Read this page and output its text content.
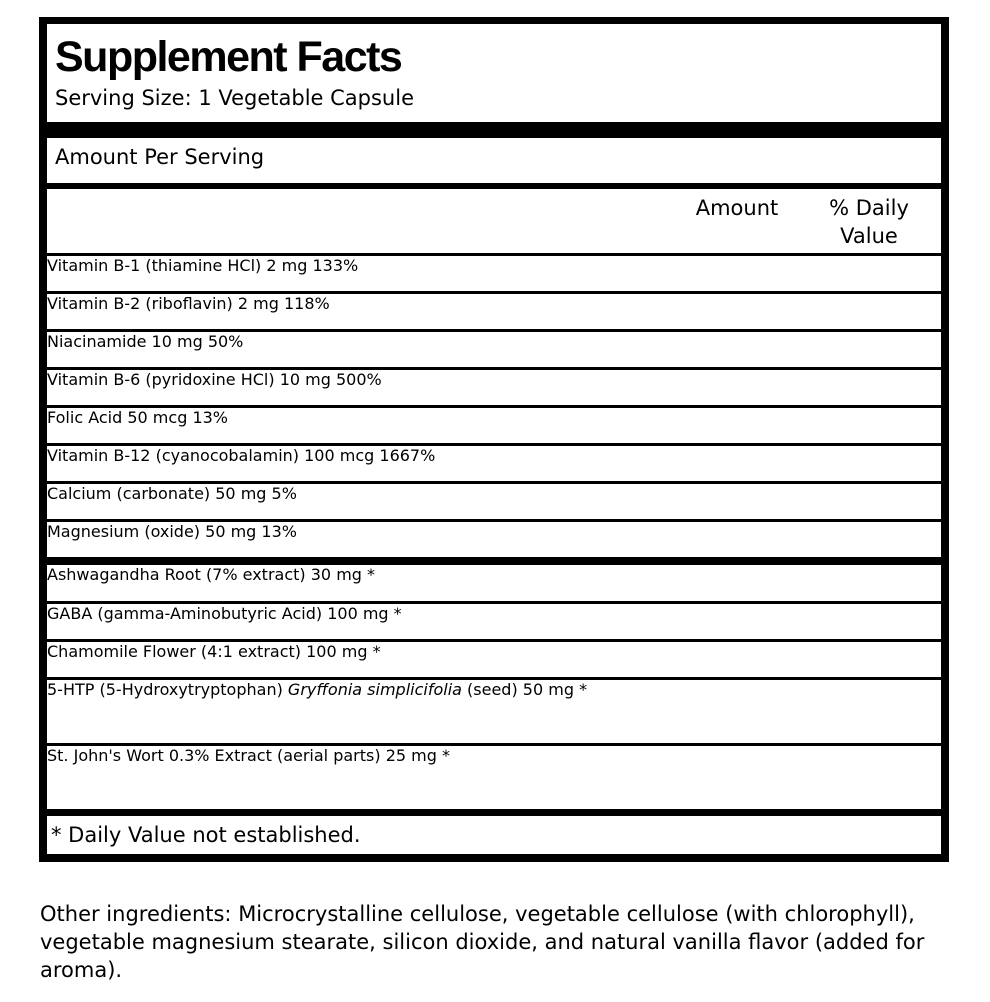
Supplement Facts
Serving Size: 1 Vegetable Capsule
Amount Per Serving
Amount	% Daily
Value
Vitamin B-1 (thiamine HCl) 2 mg 133%
Vitamin B-2 (riboflavin) 2 mg 118%
Niacinamide 10 mg 50%
Vitamin B-6 (pyridoxine HCl) 10 mg 500%
Folic Acid 50 mcg 13%
Vitamin B-12 (cyanocobalamin) 100 mcg 1667%
Calcium (carbonate) 50 mg 5%
Magnesium (oxide) 50 mg 13%
Ashwagandha Root (7% extract) 30 mg *
GABA (gamma-Aminobutyric Acid) 100 mg *
Chamomile Flower (4:1 extract) 100 mg *
5-HTP (5-Hydroxytryptophan) Gryffonia simplicifolia (seed) 50 mg *
St. John's Wort 0.3% Extract (aerial parts) 25 mg *
* Daily Value not established.
Other ingredients: Microcrystalline cellulose, vegetable cellulose (with chlorophyll), vegetable magnesium stearate, silicon dioxide, and natural vanilla flavor (added for aroma).
